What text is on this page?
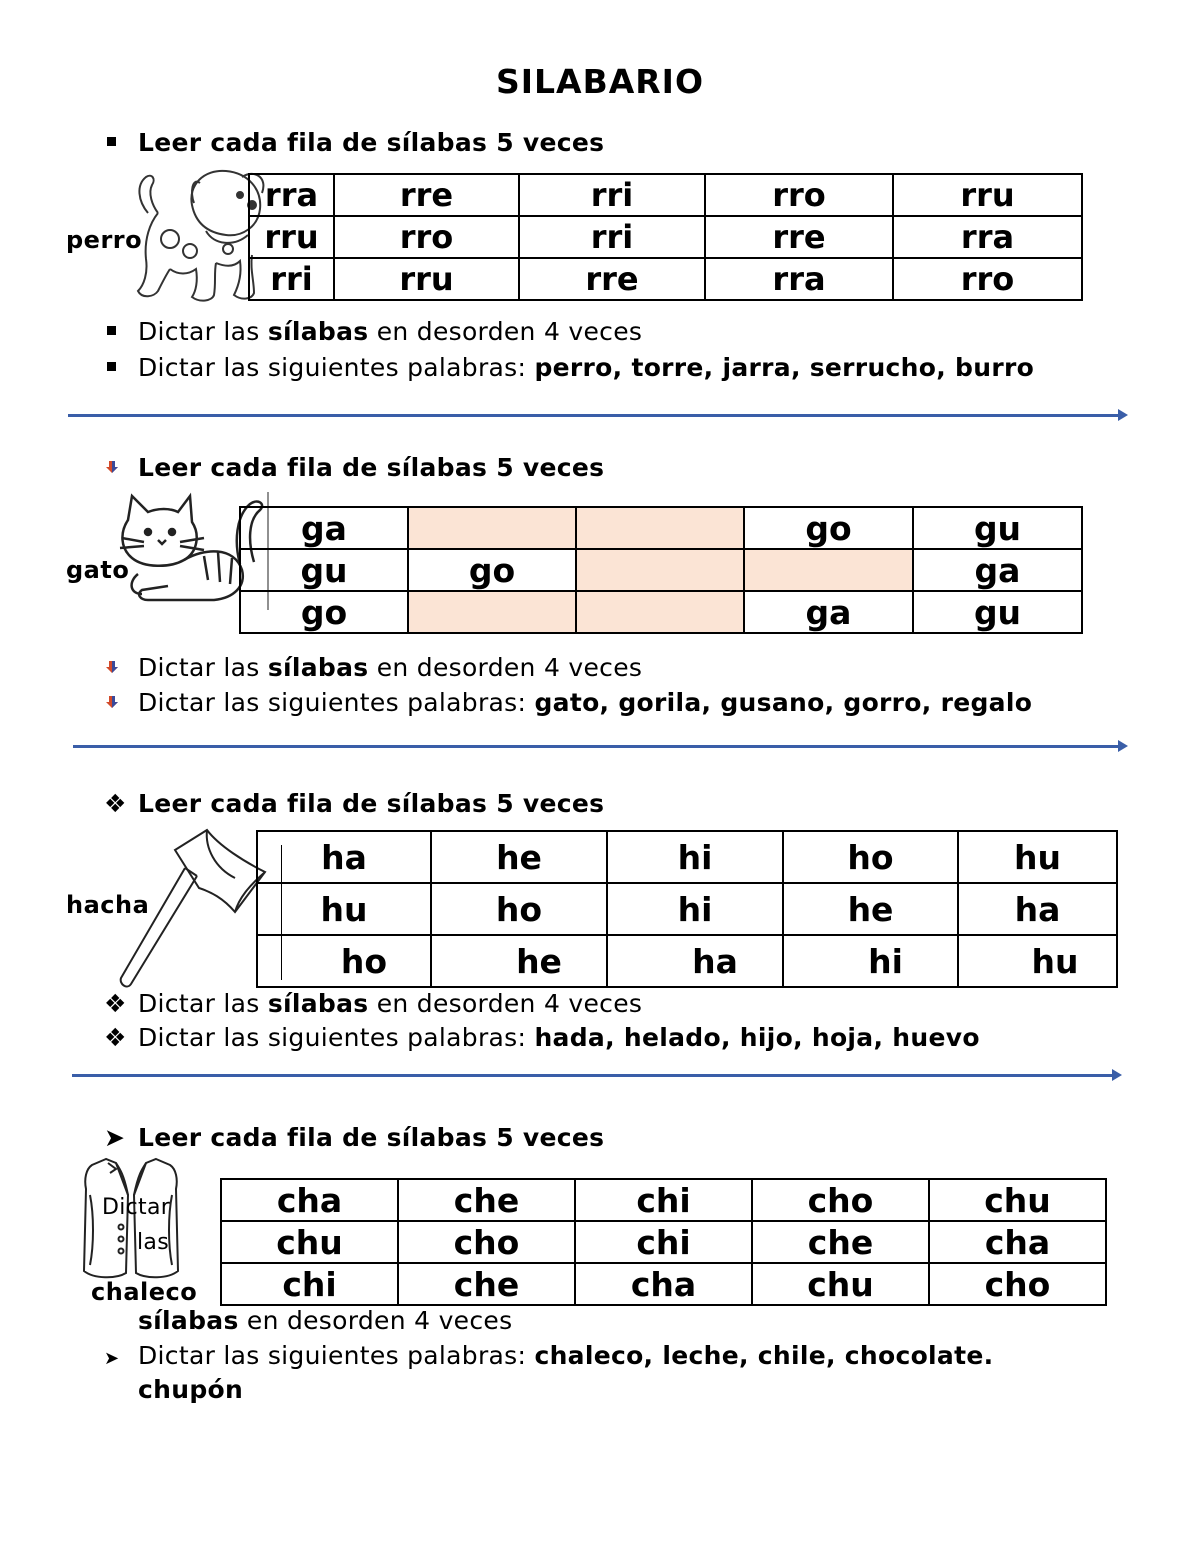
SILABARIO
Leer cada fila de sílabas 5 veces
perro
rra	rre	rri	rro	rru
rru	rro	rri	rre	rra
rri	rru	rre	rra	rro
Dictar las sílabas en desorden 4 veces
Dictar las siguientes palabras: perro, torre, jarra, serrucho, burro
Leer cada fila de sílabas 5 veces
gato
ga			go	gu
gu	go			ga
go			ga	gu
Dictar las sílabas en desorden 4 veces
Dictar las siguientes palabras: gato, gorila, gusano, gorro, regalo
❖ Leer cada fila de sílabas 5 veces
hacha
ha	he	hi	ho	hu
hu	ho	hi	he	ha
ho	he	ha	hi	hu
❖ Dictar las sílabas en desorden 4 veces
❖ Dictar las siguientes palabras: hada, helado, hijo, hoja, huevo
➤ Leer cada fila de sílabas 5 veces
Dictar
las
chaleco
cha	che	chi	cho	chu
chu	cho	chi	che	cha
chi	che	cha	chu	cho
sílabas en desorden 4 veces
➤ Dictar las siguientes palabras: chaleco, leche, chile, chocolate.
chupón
